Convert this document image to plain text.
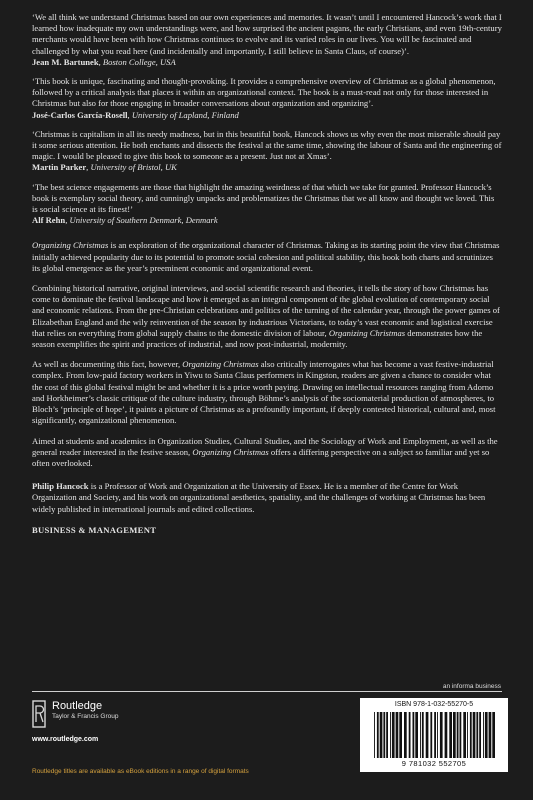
‘We all think we understand Christmas based on our own experiences and memories. It wasn’t until I encountered Hancock’s work that I learned how inadequate my own understandings were, and how surprised the ancient pagans, the early Christians, and even 19th-century merchants would have been with how Christmas continues to evolve and its varied roles in our lives. You will be fascinated and challenged by what you read here (and incidentally and importantly, I still believe in Santa Claus, of course)’.

Jean M. Bartunek, Boston College, USA

‘This book is unique, fascinating and thought-provoking. It provides a comprehensive overview of Christmas as a global phenomenon, followed by a critical analysis that places it within an organizational context. The book is a must-read not only for those interested in Christmas but also for those engaging in broader conversations about organization and organizing’.

José-Carlos García-Rosell, University of Lapland, Finland

‘Christmas is capitalism in all its needy madness, but in this beautiful book, Hancock shows us why even the most miserable should pay it some serious attention. He both enchants and dissects the festival at the same time, showing the labour of Santa and the engineering of magic. I would be pleased to give this book to someone as a present. Just not at Xmas’.

Martin Parker, University of Bristol, UK

‘The best science engagements are those that highlight the amazing weirdness of that which we take for granted. Professor Hancock’s book is exemplary social theory, and cunningly unpacks and problematizes the Christmas that we all know and thought we loved. This is social science at its finest!’

Alf Rehn, University of Southern Denmark, Denmark

Organizing Christmas is an exploration of the organizational character of Christmas. Taking as its starting point the view that Christmas initially achieved popularity due to its potential to promote social cohesion and political stability, this book both charts and scrutinizes its global emergence as the year’s preeminent economic and organizational event.

Combining historical narrative, original interviews, and social scientific research and theories, it tells the story of how Christmas has come to dominate the festival landscape and how it emerged as an integral component of the global evolution of contemporary social and economic relations. From the pre-Christian celebrations and politics of the turning of the calendar year, through the power games of Elizabethan England and the wily reinvention of the season by industrious Victorians, to today’s vast economic and logistical exercise that relies on everything from global supply chains to the domestic division of labour, Organizing Christmas demonstrates how the season exemplifies the spirit and practices of industrial, and now post-industrial, modernity.

As well as documenting this fact, however, Organizing Christmas also critically interrogates what has become a vast festive-industrial complex. From low-paid factory workers in Yiwu to Santa Claus performers in Kingston, readers are given a chance to consider what the cost of this global festival might be and whether it is a price worth paying. Drawing on intellectual resources ranging from Adorno and Horkheimer’s classic critique of the culture industry, through Böhme’s analysis of the sociomaterial production of atmospheres, to Bloch’s ‘principle of hope’, it paints a picture of Christmas as a profoundly important, if deeply contested historical, cultural and, most significantly, organizational phenomenon.

Aimed at students and academics in Organization Studies, Cultural Studies, and the Sociology of Work and Employment, as well as the general reader interested in the festive season, Organizing Christmas offers a differing perspective on a subject so familiar and yet so often overlooked.

Philip Hancock is a Professor of Work and Organization at the University of Essex. He is a member of the Centre for Work Organization and Society, and his work on organizational aesthetics, spatiality, and the challenges of working at Christmas has been widely published in international journals and edited collections.

BUSINESS & MANAGEMENT

an informa business
Routledge
Taylor & Francis Group
www.routledge.com
Routledge titles are available as eBook editions in a range of digital formats
ISBN 978-1-032-55270-5
9 781032 552705
